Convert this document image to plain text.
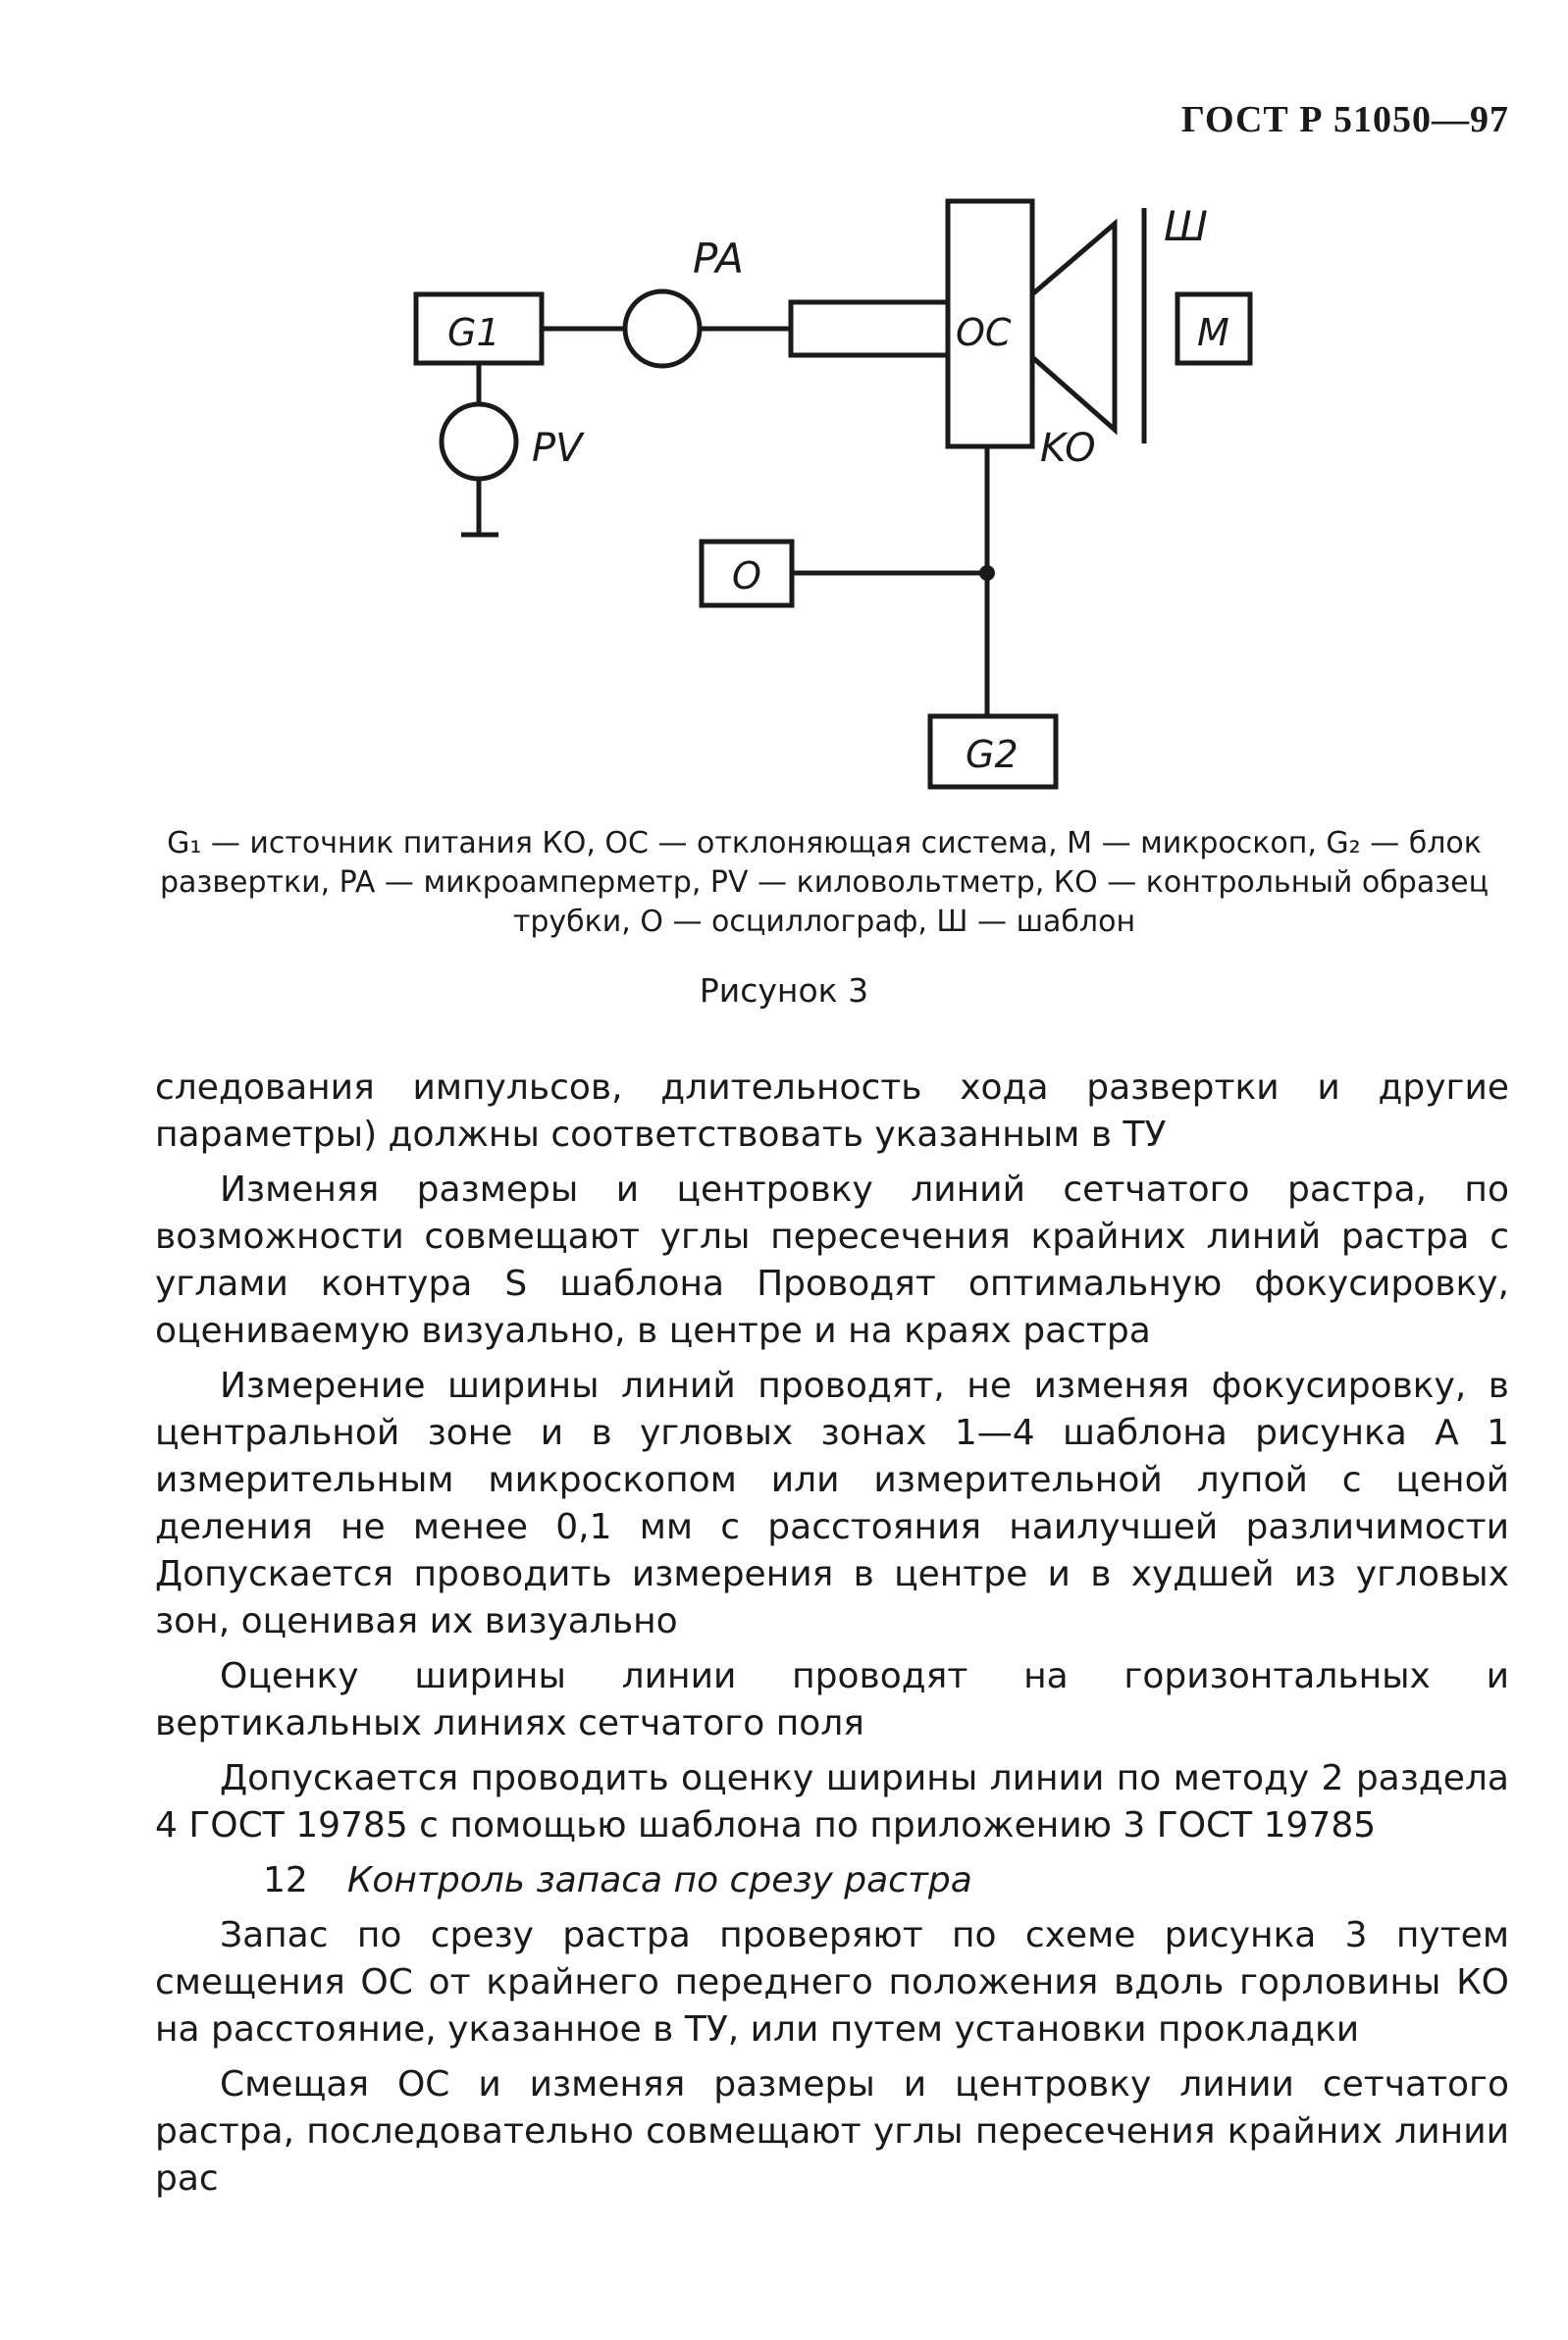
ГОСТ Р 51050—97
G1
PA
PV
OC
Ш
M
KO
O
G2
G₁ — источник питания КО, ОС — отклоняющая система, М — микроскоп, G₂ — блок
развертки, PA — микроамперметр, PV — киловольтметр, КО — контрольный образец
трубки, О — осциллограф, Ш — шаблон
Рисунок 3

следования импульсов, длительность хода развертки и другие параметры) должны соответствовать указанным в ТУ

Изменяя размеры и центровку линий сетчатого растра, по возможности совмещают углы пересечения крайних линий растра с углами контура S шаблона Проводят оптимальную фокусировку, оцениваемую визуально, в центре и на краях растра

Измерение ширины линий проводят, не изменяя фокусировку, в центральной зоне и в угловых зонах 1—4 шаблона рисунка А 1 измерительным микроскопом или измерительной лупой с ценой деления не менее 0,1 мм с расстояния наилучшей различимости Допускается проводить измерения в центре и в худшей из угловых зон, оценивая их визуально

Оценку ширины линии проводят на горизонтальных и вертикальных линиях сетчатого поля

Допускается проводить оценку ширины линии по методу 2 раздела 4 ГОСТ 19785 с помощью шаблона по приложению 3 ГОСТ 19785

12 Контроль запаса по срезу растра

Запас по срезу растра проверяют по схеме рисунка 3 путем смещения ОС от крайнего переднего положения вдоль горловины КО на расстояние, указанное в ТУ, или путем установки прокладки

Смещая ОС и изменяя размеры и центровку линии сетчатого растра, последовательно совмещают углы пересечения крайних линии рас
